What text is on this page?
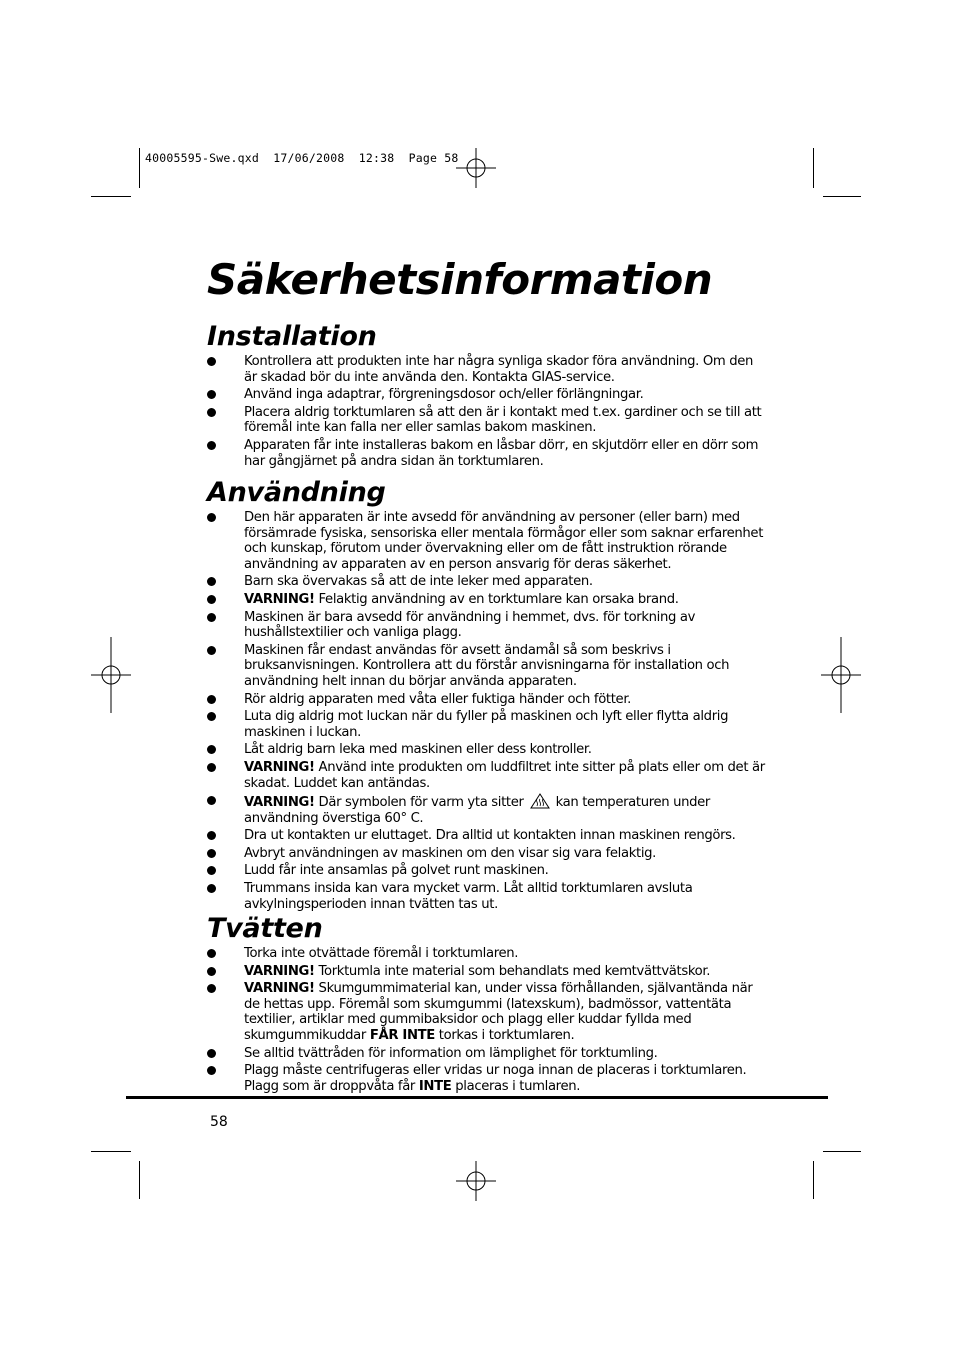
40005595-Swe.qxd  17/06/2008  12:38  Page 58
Säkerhetsinformation
Installation
Kontrollera att produkten inte har några synliga skador föra användning. Om den är skadad bör du inte använda den. Kontakta GIAS-service.
Använd inga adaptrar, förgreningsdosor och/eller förlängningar.
Placera aldrig torktumlaren så att den är i kontakt med t.ex. gardiner och se till att föremål inte kan falla ner eller samlas bakom maskinen.
Apparaten får inte installeras bakom en låsbar dörr, en skjutdörr eller en dörr som har gångjärnet på andra sidan än torktumlaren.
Användning
Den här apparaten är inte avsedd för användning av personer (eller barn) med försämrade fysiska, sensoriska eller mentala förmågor eller som saknar erfarenhet och kunskap, förutom under övervakning eller om de fått instruktion rörande användning av apparaten av en person ansvarig för deras säkerhet.
Barn ska övervakas så att de inte leker med apparaten.
VARNING! Felaktig användning av en torktumlare kan orsaka brand.
Maskinen är bara avsedd för användning i hemmet, dvs. för torkning av hushållstextilier och vanliga plagg.
Maskinen får endast användas för avsett ändamål så som beskrivs i bruksanvisningen. Kontrollera att du förstår anvisningarna för installation och användning helt innan du börjar använda apparaten.
Rör aldrig apparaten med våta eller fuktiga händer och fötter.
Luta dig aldrig mot luckan när du fyller på maskinen och lyft eller flytta aldrig maskinen i luckan.
Låt aldrig barn leka med maskinen eller dess kontroller.
VARNING! Använd inte produkten om luddfiltret inte sitter på plats eller om det är skadat. Luddet kan antändas.
VARNING! Där symbolen för varm yta sitter kan temperaturen under användning överstiga 60° C.
Dra ut kontakten ur eluttaget. Dra alltid ut kontakten innan maskinen rengörs.
Avbryt användningen av maskinen om den visar sig vara felaktig.
Ludd får inte ansamlas på golvet runt maskinen.
Trummans insida kan vara mycket varm. Låt alltid torktumlaren avsluta avkylningsperioden innan tvätten tas ut.
Tvätten
Torka inte otvättade föremål i torktumlaren.
VARNING! Torktumla inte material som behandlats med kemtvättvätskor.
VARNING! Skumgummimaterial kan, under vissa förhållanden, självantända när de hettas upp. Föremål som skumgummi (latexskum), badmössor, vattentäta textilier, artiklar med gummibaksidor och plagg eller kuddar fyllda med skumgummikuddar FÅR INTE torkas i torktumlaren.
Se alltid tvättråden för information om lämplighet för torktumling.
Plagg måste centrifugeras eller vridas ur noga innan de placeras i torktumlaren. Plagg som är droppvåta får INTE placeras i tumlaren.
58
